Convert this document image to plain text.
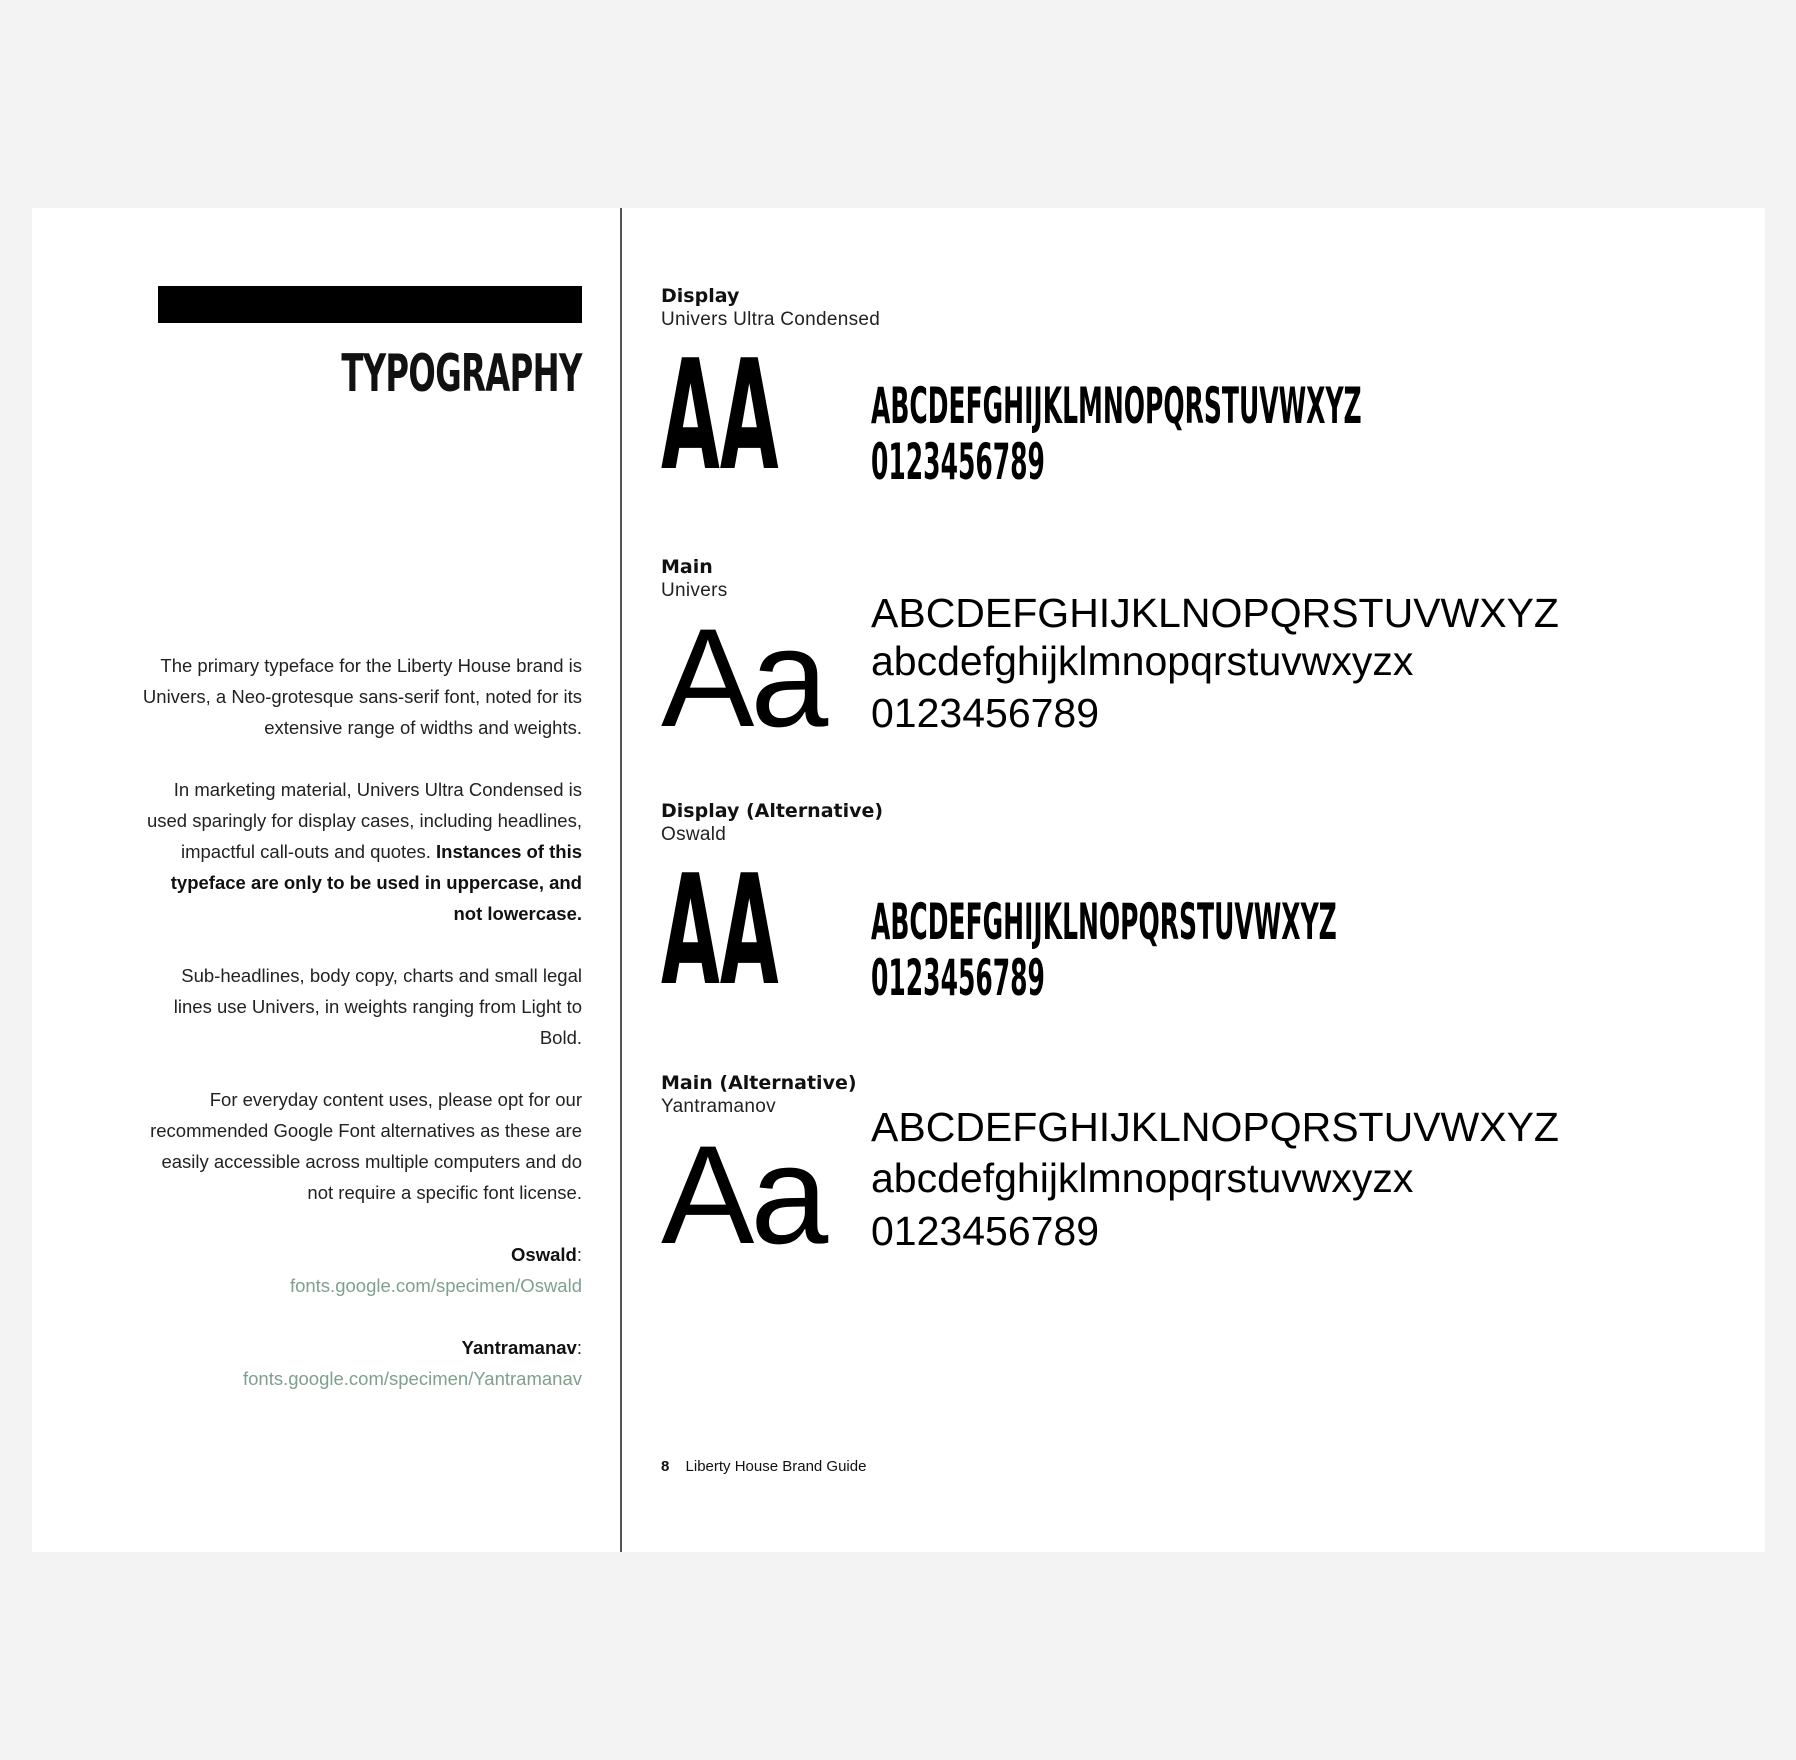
TYPOGRAPHY

The primary typeface for the Liberty House brand is Univers, a Neo-grotesque sans-serif font, noted for its extensive range of widths and weights.

In marketing material, Univers Ultra Condensed is used sparingly for display cases, including headlines, impactful call-outs and quotes. Instances of this typeface are only to be used in uppercase, and not lowercase.

Sub-headlines, body copy, charts and small legal lines use Univers, in weights ranging from Light to Bold.

For everyday content uses, please opt for our recommended Google Font alternatives as these are easily accessible across multiple computers and do not require a specific font license.

Oswald:
fonts.google.com/specimen/Oswald

Yantramanav:
fonts.google.com/specimen/Yantramanav

Display
Univers Ultra Condensed
AA ABCDEFGHIJKLMNOPQRSTUVWXYZ
0123456789
Main
Univers
Aa ABCDEFGHIJKLNOPQRSTUVWXYZ
abcdefghijklmnopqrstuvwxyzx
0123456789
Display (Alternative)
Oswald
AA ABCDEFGHIJKLNOPQRSTUVWXYZ
0123456789
Main (Alternative)
Yantramanov
Aa ABCDEFGHIJKLNOPQRSTUVWXYZ
abcdefghijklmnopqrstuvwxyzx
0123456789
8 Liberty House Brand Guide
